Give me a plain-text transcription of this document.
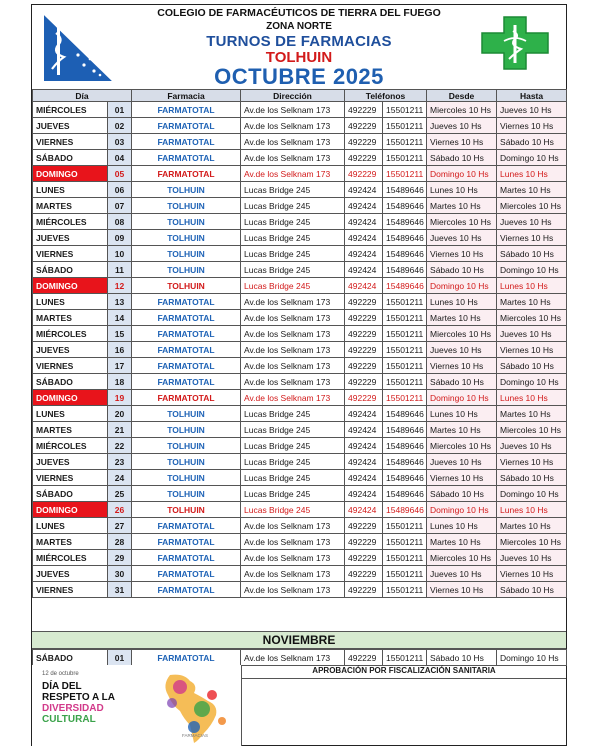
COLEGIO DE FARMACÉUTICOS DE TIERRA DEL FUEGO
ZONA NORTE
TURNOS DE FARMACIAS
TOLHUIN
OCTUBRE 2025
Día		Farmacia	Dirección	Teléfonos		Desde	Hasta
MIÉRCOLES	01	FARMATOTAL	Av.de los Selknam 173	492229	15501211	Miercoles 10 Hs	Jueves 10 Hs
JUEVES	02	FARMATOTAL	Av.de los Selknam 173	492229	15501211	Jueves 10 Hs	Viernes 10 Hs
VIERNES	03	FARMATOTAL	Av.de los Selknam 173	492229	15501211	Viernes 10 Hs	Sábado 10 Hs
SÁBADO	04	FARMATOTAL	Av.de los Selknam 173	492229	15501211	Sábado 10 Hs	Domingo 10 Hs
DOMINGO	05	FARMATOTAL	Av.de los Selknam 173	492229	15501211	Domingo 10 Hs	Lunes 10 Hs
LUNES	06	TOLHUIN	Lucas Bridge 245	492424	15489646	Lunes 10 Hs	Martes 10 Hs
MARTES	07	TOLHUIN	Lucas Bridge 245	492424	15489646	Martes 10 Hs	Miercoles 10 Hs
MIÉRCOLES	08	TOLHUIN	Lucas Bridge 245	492424	15489646	Miercoles 10 Hs	Jueves 10 Hs
JUEVES	09	TOLHUIN	Lucas Bridge 245	492424	15489646	Jueves 10 Hs	Viernes 10 Hs
VIERNES	10	TOLHUIN	Lucas Bridge 245	492424	15489646	Viernes 10 Hs	Sábado 10 Hs
SÁBADO	11	TOLHUIN	Lucas Bridge 245	492424	15489646	Sábado 10 Hs	Domingo 10 Hs
DOMINGO	12	TOLHUIN	Lucas Bridge 245	492424	15489646	Domingo 10 Hs	Lunes 10 Hs
LUNES	13	FARMATOTAL	Av.de los Selknam 173	492229	15501211	Lunes 10 Hs	Martes 10 Hs
MARTES	14	FARMATOTAL	Av.de los Selknam 173	492229	15501211	Martes 10 Hs	Miercoles 10 Hs
MIÉRCOLES	15	FARMATOTAL	Av.de los Selknam 173	492229	15501211	Miercoles 10 Hs	Jueves 10 Hs
JUEVES	16	FARMATOTAL	Av.de los Selknam 173	492229	15501211	Jueves 10 Hs	Viernes 10 Hs
VIERNES	17	FARMATOTAL	Av.de los Selknam 173	492229	15501211	Viernes 10 Hs	Sábado 10 Hs
SÁBADO	18	FARMATOTAL	Av.de los Selknam 173	492229	15501211	Sábado 10 Hs	Domingo 10 Hs
DOMINGO	19	FARMATOTAL	Av.de los Selknam 173	492229	15501211	Domingo 10 Hs	Lunes 10 Hs
LUNES	20	TOLHUIN	Lucas Bridge 245	492424	15489646	Lunes 10 Hs	Martes 10 Hs
MARTES	21	TOLHUIN	Lucas Bridge 245	492424	15489646	Martes 10 Hs	Miercoles 10 Hs
MIÉRCOLES	22	TOLHUIN	Lucas Bridge 245	492424	15489646	Miercoles 10 Hs	Jueves 10 Hs
JUEVES	23	TOLHUIN	Lucas Bridge 245	492424	15489646	Jueves 10 Hs	Viernes 10 Hs
VIERNES	24	TOLHUIN	Lucas Bridge 245	492424	15489646	Viernes 10 Hs	Sábado 10 Hs
SÁBADO	25	TOLHUIN	Lucas Bridge 245	492424	15489646	Sábado 10 Hs	Domingo 10 Hs
DOMINGO	26	TOLHUIN	Lucas Bridge 245	492424	15489646	Domingo 10 Hs	Lunes 10 Hs
LUNES	27	FARMATOTAL	Av.de los Selknam 173	492229	15501211	Lunes 10 Hs	Martes 10 Hs
MARTES	28	FARMATOTAL	Av.de los Selknam 173	492229	15501211	Martes 10 Hs	Miercoles 10 Hs
MIÉRCOLES	29	FARMATOTAL	Av.de los Selknam 173	492229	15501211	Miercoles 10 Hs	Jueves 10 Hs
JUEVES	30	FARMATOTAL	Av.de los Selknam 173	492229	15501211	Jueves 10 Hs	Viernes 10 Hs
VIERNES	31	FARMATOTAL	Av.de los Selknam 173	492229	15501211	Viernes 10 Hs	Sábado 10 Hs
NOVIEMBRE
SÁBADO	01	FARMATOTAL	Av.de los Selknam 173	492229	15501211	Sábado 10 Hs	Domingo 10 Hs
12 de octubre
DÍA DEL
RESPETO A LA
DIVERSIDAD
CULTURAL
FARMACIAS
APROBACIÓN POR FISCALIZACIÓN SANITARIA
